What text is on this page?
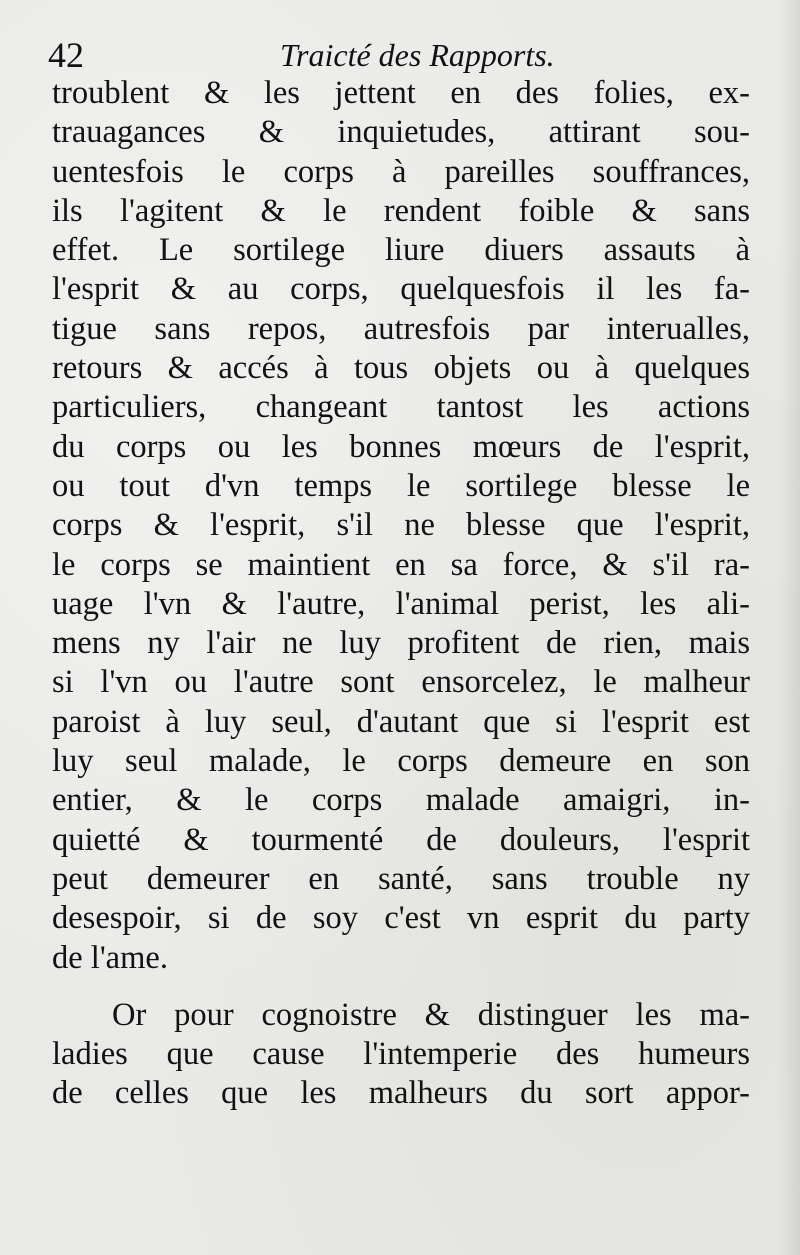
42	Traicté des Rapports.
troublent & les jettent en des folies, ex-
trauagances & inquietudes, attirant sou-
uentesfois le corps à pareilles souffrances,
ils l'agitent & le rendent foible & sans
effet. Le sortilege liure diuers assauts à
l'esprit & au corps, quelquesfois il les fa-
tigue sans repos, autresfois par interualles,
retours & accés à tous objets ou à quelques
particuliers, changeant tantost les actions
du corps ou les bonnes mœurs de l'esprit,
ou tout d'vn temps le sortilege blesse le
corps & l'esprit, s'il ne blesse que l'esprit,
le corps se maintient en sa force, & s'il ra-
uage l'vn & l'autre, l'animal perist, les ali-
mens ny l'air ne luy profitent de rien, mais
si l'vn ou l'autre sont ensorcelez, le malheur
paroist à luy seul, d'autant que si l'esprit est
luy seul malade, le corps demeure en son
entier, & le corps malade amaigri, in-
quietté & tourmenté de douleurs, l'esprit
peut demeurer en santé, sans trouble ny
desespoir, si de soy c'est vn esprit du party
de l'ame.
Or pour cognoistre & distinguer les ma-
ladies que cause l'intemperie des humeurs
de celles que les malheurs du sort appor-
